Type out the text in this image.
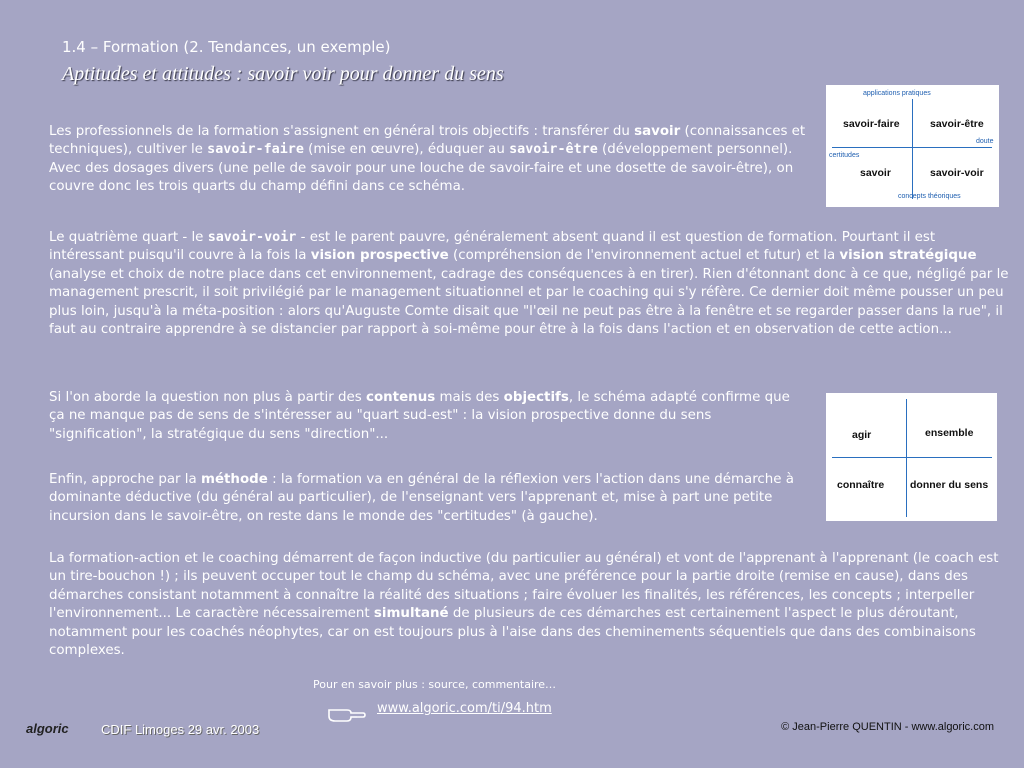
1.4 – Formation (2. Tendances, un exemple)
Aptitudes et attitudes : savoir voir pour donner du sens
Les professionnels de la formation s'assignent en général trois objectifs : transférer du savoir (connaissances et techniques), cultiver le savoir-faire (mise en œuvre), éduquer au savoir-être (développement personnel). Avec des dosages divers (une pelle de savoir pour une louche de savoir-faire et une dosette de savoir-être), on couvre donc les trois quarts du champ défini dans ce schéma.
applications pratiques
concepts théoriques
certitudes
doute
savoir-faire	savoir-être
savoir	savoir-voir
Le quatrième quart - le savoir-voir - est le parent pauvre, généralement absent quand il est question de formation. Pourtant il est intéressant puisqu'il couvre à la fois la vision prospective (compréhension de l'environnement actuel et futur) et la vision stratégique (analyse et choix de notre place dans cet environnement, cadrage des conséquences à en tirer). Rien d'étonnant donc à ce que, négligé par le management prescrit, il soit privilégié par le management situationnel et par le coaching qui s'y réfère. Ce dernier doit même pousser un peu plus loin, jusqu'à la méta-position : alors qu'Auguste Comte disait que "l'œil ne peut pas être à la fenêtre et se regarder passer dans la rue", il faut au contraire apprendre à se distancier par rapport à soi-même pour être à la fois dans l'action et en observation de cette action...
Si l'on aborde la question non plus à partir des contenus mais des objectifs, le schéma adapté confirme que ça ne manque pas de sens de s'intéresser au "quart sud-est" : la vision prospective donne du sens "signification", la stratégique du sens "direction"...	agir	ensemble
connaître donner du sens
Enfin, approche par la méthode : la formation va en général de la réflexion vers l'action dans une démarche à dominante déductive (du général au particulier), de l'enseignant vers l'apprenant et, mise à part une petite incursion dans le savoir-être, on reste dans le monde des "certitudes" (à gauche).
La formation-action et le coaching démarrent de façon inductive (du particulier au général) et vont de l'apprenant à l'apprenant (le coach est un tire-bouchon !) ; ils peuvent occuper tout le champ du schéma, avec une préférence pour la partie droite (remise en cause), dans des démarches consistant notamment à connaître la réalité des situations ; faire évoluer les finalités, les références, les concepts ; interpeller l'environnement... Le caractère nécessairement simultané de plusieurs de ces démarches est certainement l'aspect le plus déroutant, notamment pour les coachés néophytes, car on est toujours plus à l'aise dans des cheminements séquentiels que dans des combinaisons complexes.
Pour en savoir plus : source, commentaire…
www.algoric.com/ti/94.htm
algoric CDIF Limoges 29 avr. 2003	© Jean-Pierre QUENTIN - www.algoric.com
